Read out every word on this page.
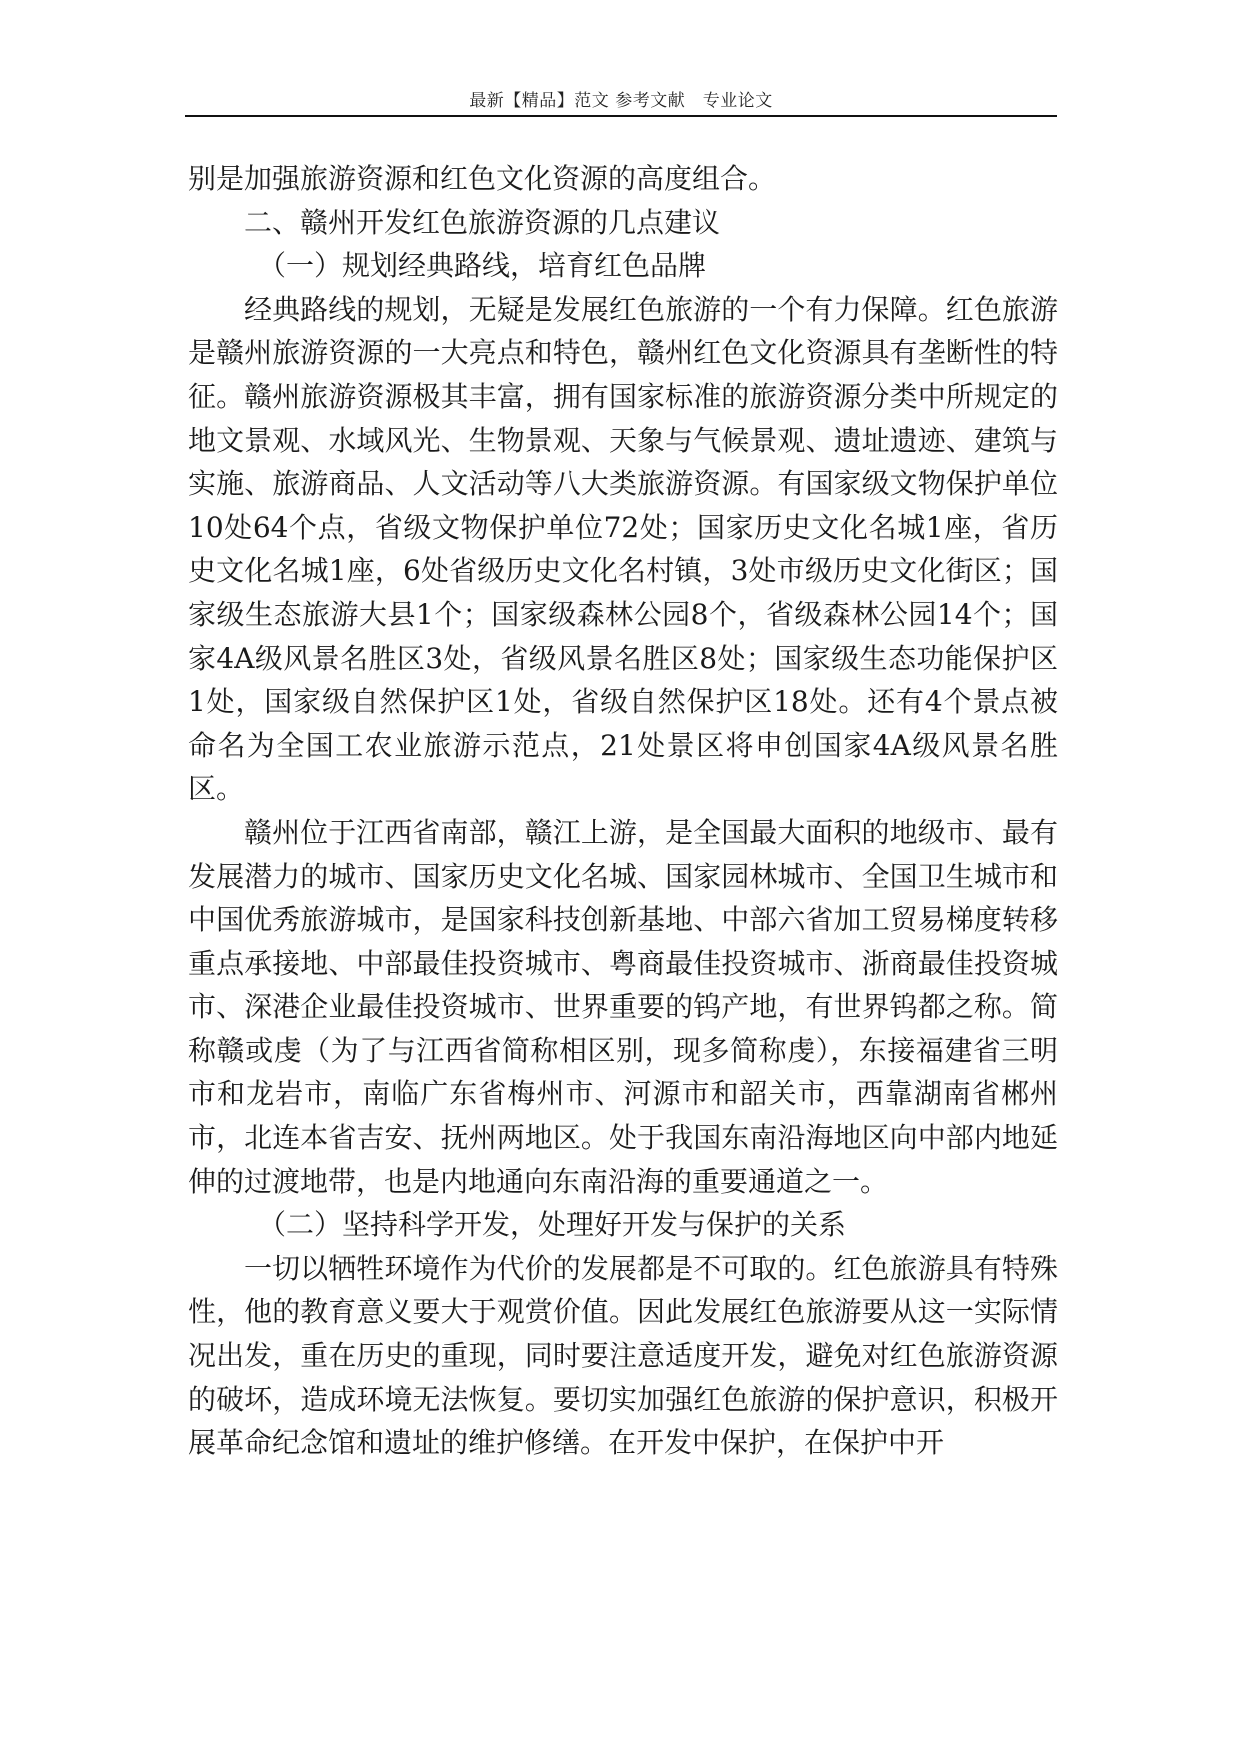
最新【精品】范文 参考文献　专业论文

别是加强旅游资源和红色文化资源的高度组合。

二、赣州开发红色旅游资源的几点建议

（一）规划经典路线，培育红色品牌

经典路线的规划，无疑是发展红色旅游的一个有力保障。红色旅游是赣州旅游资源的一大亮点和特色，赣州红色文化资源具有垄断性的特征。赣州旅游资源极其丰富，拥有国家标准的旅游资源分类中所规定的地文景观、水域风光、生物景观、天象与气候景观、遗址遗迹、建筑与实施、旅游商品、人文活动等八大类旅游资源。有国家级文物保护单位10处64个点，省级文物保护单位72处；国家历史文化名城1座，省历史文化名城1座，6处省级历史文化名村镇，3处市级历史文化街区；国家级生态旅游大县1个；国家级森林公园8个，省级森林公园14个；国家4A级风景名胜区3处，省级风景名胜区8处；国家级生态功能保护区1处，国家级自然保护区1处，省级自然保护区18处。还有4个景点被命名为全国工农业旅游示范点，21处景区将申创国家4A级风景名胜区。

赣州位于江西省南部，赣江上游，是全国最大面积的地级市、最有发展潜力的城市、国家历史文化名城、国家园林城市、全国卫生城市和中国优秀旅游城市，是国家科技创新基地、中部六省加工贸易梯度转移重点承接地、中部最佳投资城市、粤商最佳投资城市、浙商最佳投资城市、深港企业最佳投资城市、世界重要的钨产地，有世界钨都之称。简称赣或虔（为了与江西省简称相区别，现多简称虔），东接福建省三明市和龙岩市，南临广东省梅州市、河源市和韶关市，西靠湖南省郴州市，北连本省吉安、抚州两地区。处于我国东南沿海地区向中部内地延伸的过渡地带，也是内地通向东南沿海的重要通道之一。

（二）坚持科学开发，处理好开发与保护的关系

一切以牺牲环境作为代价的发展都是不可取的。红色旅游具有特殊性，他的教育意义要大于观赏价值。因此发展红色旅游要从这一实际情况出发，重在历史的重现，同时要注意适度开发，避免对红色旅游资源的破坏，造成环境无法恢复。要切实加强红色旅游的保护意识，积极开展革命纪念馆和遗址的维护修缮。在开发中保护，在保护中开
